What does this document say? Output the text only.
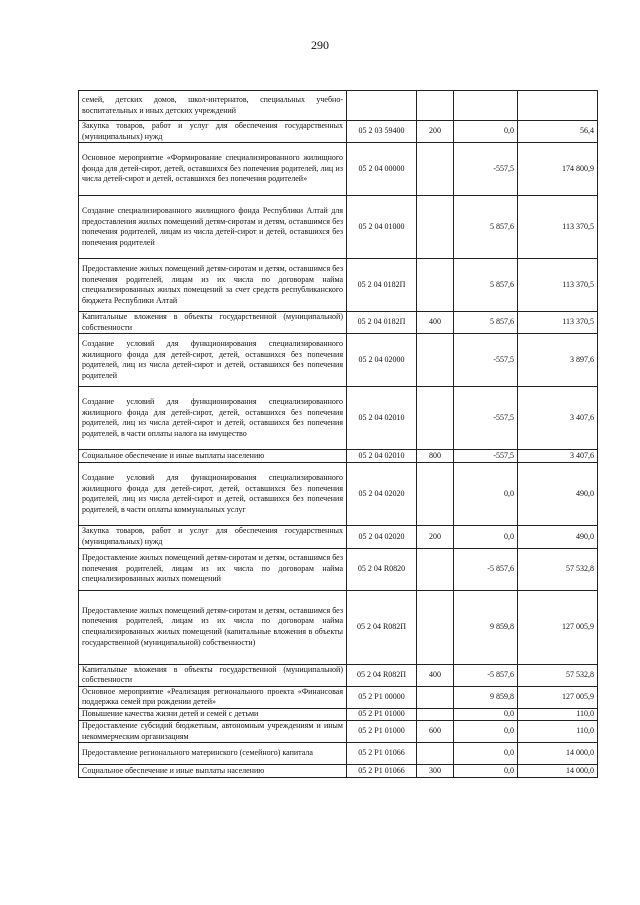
290
семей, детских домов, школ-интернатов, специальных учебно-воспитательных и иных детских учреждений				
Закупка товаров, работ и услуг для обеспечения государственных (муниципальных) нужд	05 2 03 59400	200	0,0	56,4
Основное мероприятие «Формирование специализированного жилищного фонда для детей-сирот, детей, оставшихся без попечения родителей, лиц из числа детей-сирот и детей, оставшихся без попечения родителей»	05 2 04 00000		-557,5	174 800,9
Создание специализированного жилищного фонда Республики Алтай для предоставления жилых помещений детям-сиротам и детям, оставшимся без попечения родителей, лицам из числа детей-сирот и детей, оставшихся без попечения родителей	05 2 04 01000		5 857,6	113 370,5
Предоставление жилых помещений детям-сиротам и детям, оставшимся без попечения родителей, лицам из их числа по договорам найма специализированных жилых помещений за счет средств республиканского бюджета Республики Алтай	05 2 04 0182П		5 857,6	113 370,5
Капитальные вложения в объекты государственной (муниципальной) собственности	05 2 04 0182П	400	5 857,6	113 370,5
Создание условий для функционирования специализированного жилищного фонда для детей-сирот, детей, оставшихся без попечения родителей, лиц из числа детей-сирот и детей, оставшихся без попечения родителей	05 2 04 02000		-557,5	3 897,6
Создание условий для функционирования специализированного жилищного фонда для детей-сирот, детей, оставшихся без попечения родителей, лиц из числа детей-сирот и детей, оставшихся без попечения родителей, в части оплаты налога на имущество	05 2 04 02010		-557,5	3 407,6
Социальное обеспечение и иные выплаты населению	05 2 04 02010	800	-557,5	3 407,6
Создание условий для функционирования специализированного жилищного фонда для детей-сирот, детей, оставшихся без попечения родителей, лиц из числа детей-сирот и детей, оставшихся без попечения родителей, в части оплаты коммунальных услуг	05 2 04 02020		0,0	490,0
Закупка товаров, работ и услуг для обеспечения государственных (муниципальных) нужд	05 2 04 02020	200	0,0	490,0
Предоставление жилых помещений детям-сиротам и детям, оставшимся без попечения родителей, лицам из их числа по договорам найма специализированных жилых помещений	05 2 04 R0820		-5 857,6	57 532,8
Предоставление жилых помещений детям-сиротам и детям, оставшимся без попечения родителей, лицам из их числа по договорам найма специализированных жилых помещений (капитальные вложения в объекты государственной (муниципальной) собственности)	05 2 04 R082П		9 859,8	127 005,9
Капитальные вложения в объекты государственной (муниципальной) собственности	05 2 04 R082П	400	-5 857,6	57 532,8
Основное мероприятие «Реализация регионального проекта «Финансовая поддержка семей при рождении детей»	05 2 P1 00000		9 859,8	127 005,9
Повышение качества жизни детей и семей с детьми	05 2 P1 01000		0,0	110,0
Предоставление субсидий бюджетным, автономным учреждениям и иным некоммерческим организациям	05 2 P1 01000	600	0,0	110,0
Предоставление регионального материнского (семейного) капитала	05 2 P1 01066		0,0	14 000,0
Социальное обеспечение и иные выплаты населению	05 2 P1 01066	300	0,0	14 000,0
